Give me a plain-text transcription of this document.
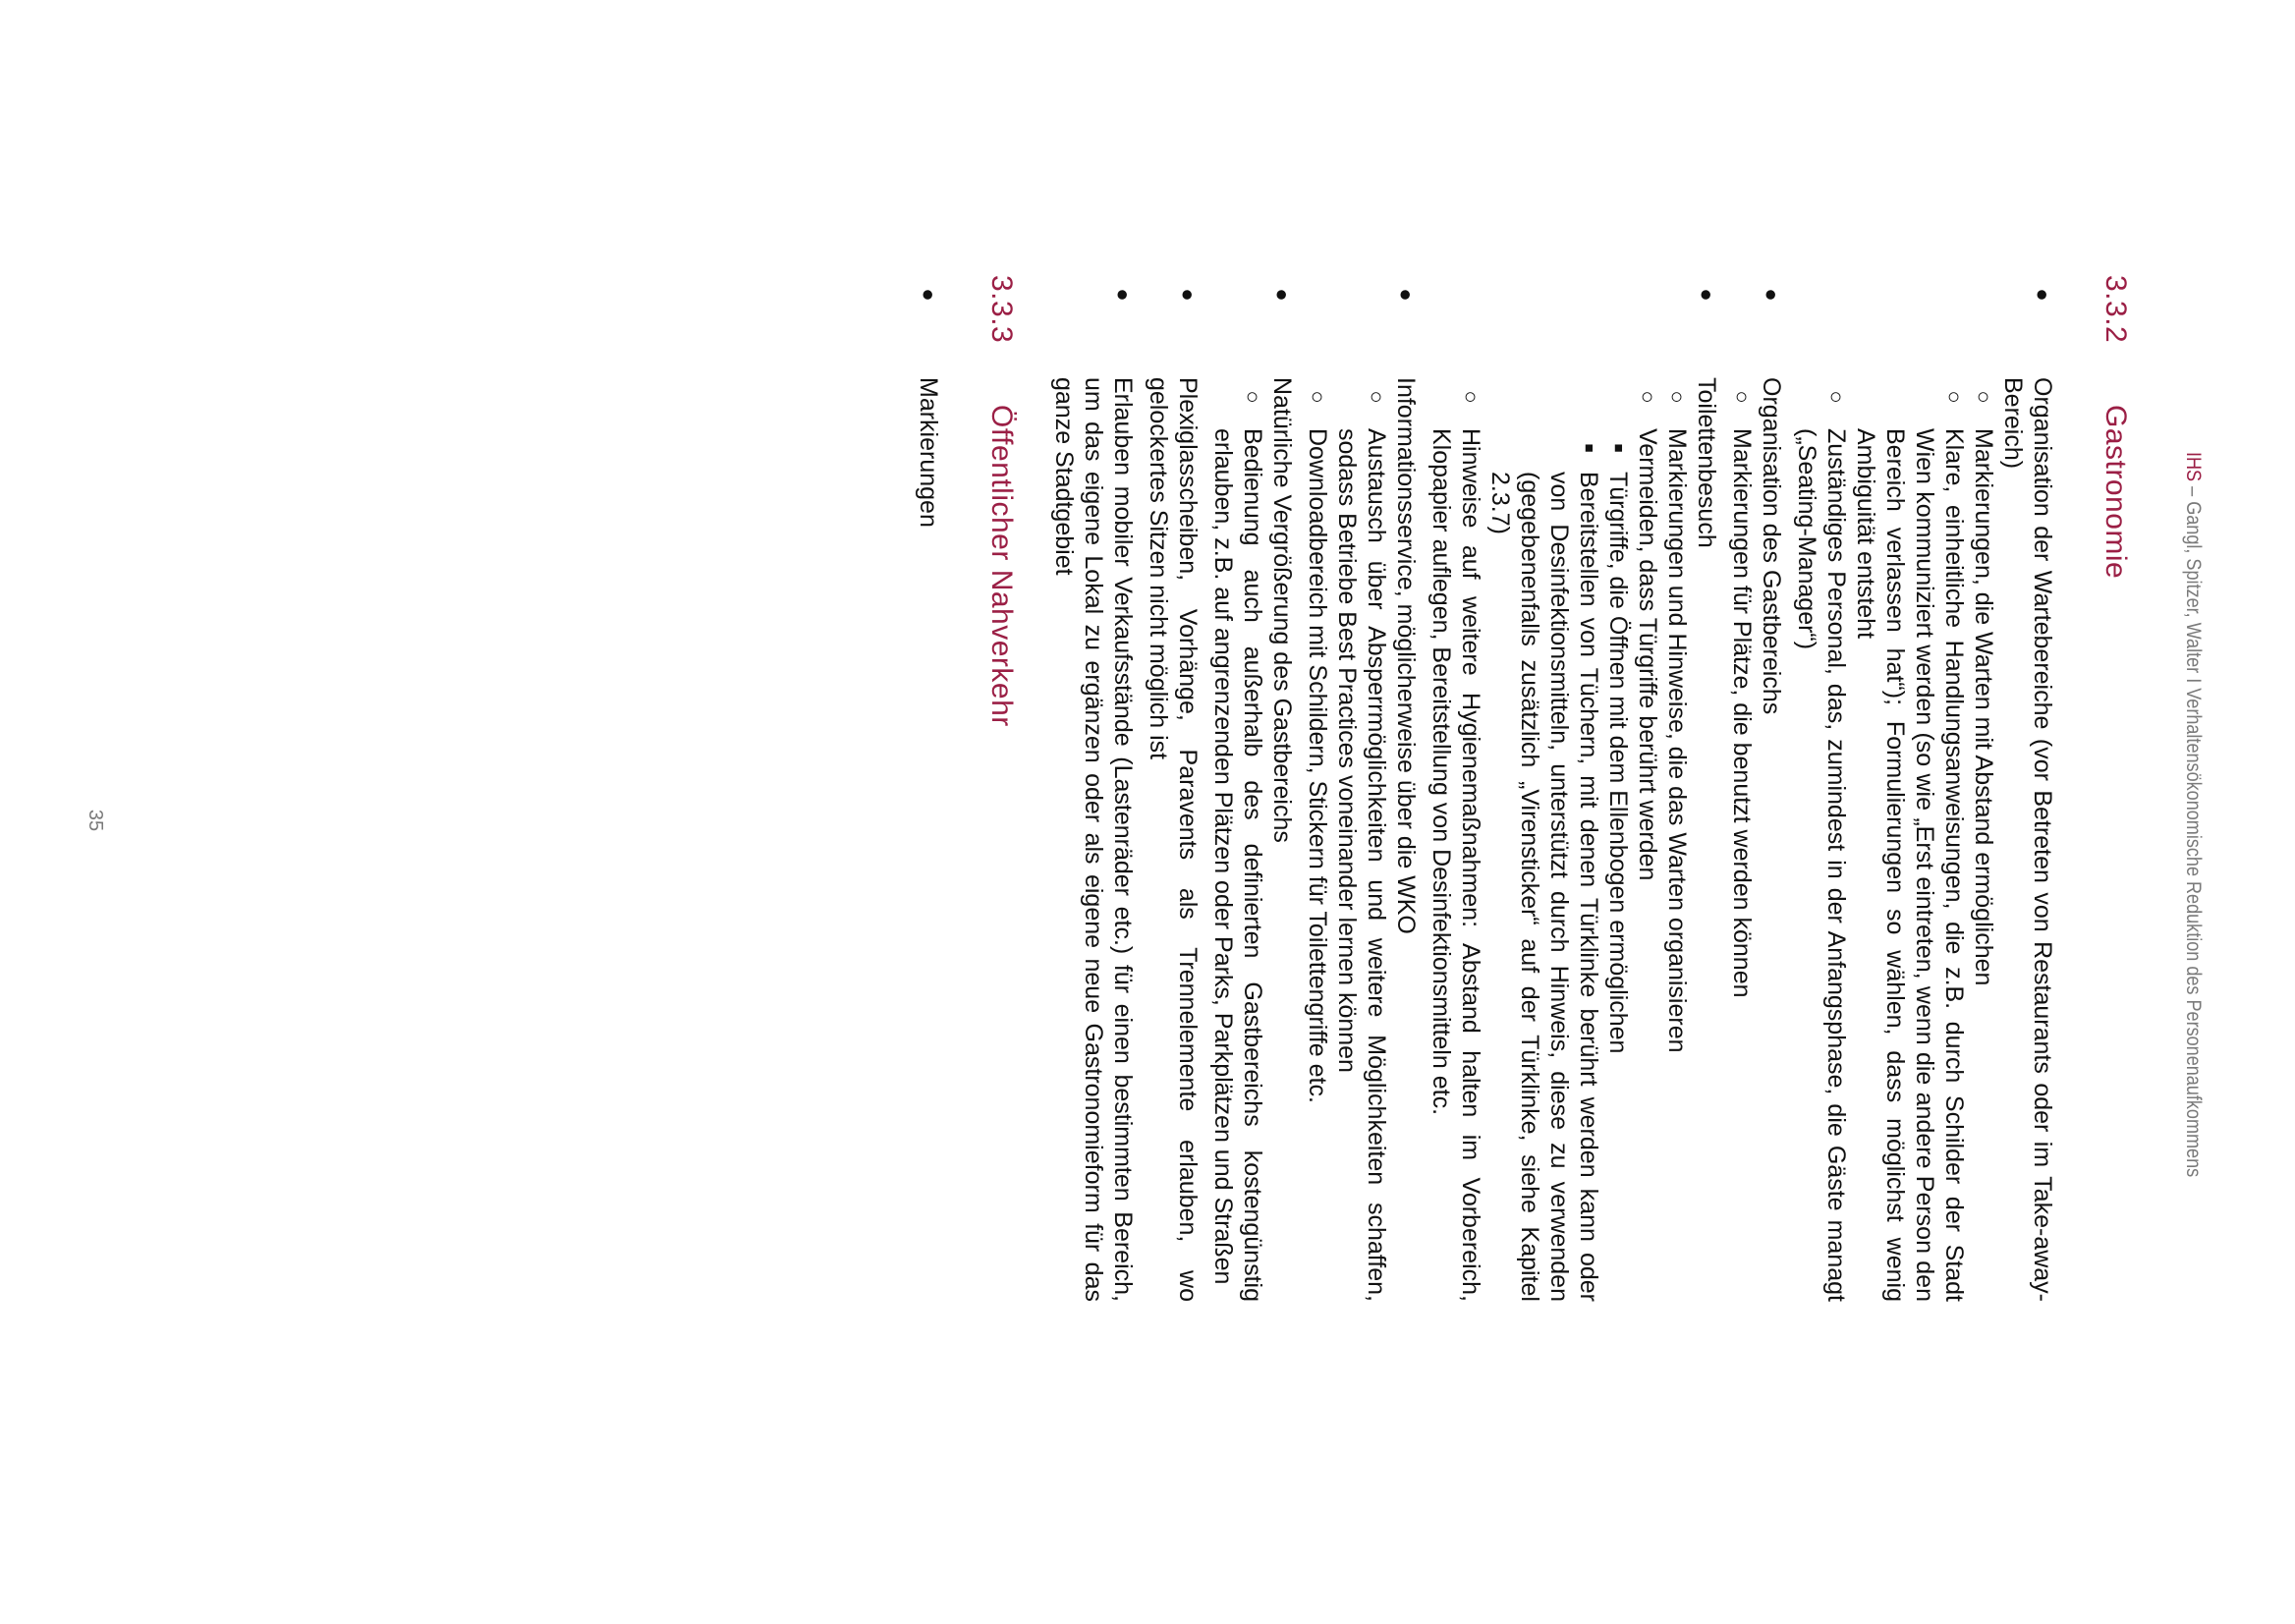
IHS – Gangl, Spitzer, Walter I Verhaltensökonomische Reduktion des Personenaufkommens
3.3.2
Gastronomie
●
Organisation der Wartebereiche (vor Betreten von Restaurants oder im Take-away-Bereich)
○
Markierungen, die Warten mit Abstand ermöglichen
○
Klare, einheitliche Handlungsanweisungen, die z.B. durch Schilder der Stadt Wien kommuniziert werden (so wie „Erst eintreten, wenn die andere Person den Bereich verlassen hat“); Formulierungen so wählen, dass möglichst wenig Ambiguität entsteht
○
Zuständiges Personal, das, zumindest in der Anfangsphase, die Gäste managt („Seating-Manager“)
●
Organisation des Gastbereichs
○
Markierungen für Plätze, die benutzt werden können
●
Toilettenbesuch
○
Markierungen und Hinweise, die das Warten organisieren
○
Vermeiden, dass Türgriffe berührt werden
■
Türgriffe, die Öffnen mit dem Ellenbogen ermöglichen
■
Bereitstellen von Tüchern, mit denen Türklinke berührt werden kann oder von Desinfektionsmitteln, unterstützt durch Hinweis, diese zu verwenden (gegebenenfalls zusätzlich „Virensticker“ auf der Türklinke, siehe Kapitel 2.3.7)
○
Hinweise auf weitere Hygienemaßnahmen: Abstand halten im Vorbereich, Klopapier auflegen, Bereitstellung von Desinfektionsmitteln etc.
●
Informationsservice, möglicherweise über die WKO
○
Austausch über Absperrmöglichkeiten und weitere Möglichkeiten schaffen, sodass Betriebe Best Practices voneinander lernen können
○
Downloadbereich mit Schildern, Stickern für Toilettengriffe etc.
●
Natürliche Vergrößerung des Gastbereichs
○
Bedienung auch außerhalb des definierten Gastbereichs kostengünstig erlauben, z.B. auf angrenzenden Plätzen oder Parks, Parkplätzen und Straßen
●
Plexiglasscheiben, Vorhänge, Paravents als Trennelemente erlauben, wo gelockertes Sitzen nicht möglich ist
●
Erlauben mobiler Verkaufsstände (Lastenräder etc.) für einen bestimmten Bereich, um das eigene Lokal zu ergänzen oder als eigene neue Gastronomieform für das ganze Stadtgebiet
3.3.3
Öffentlicher Nahverkehr
●
Markierungen
35
